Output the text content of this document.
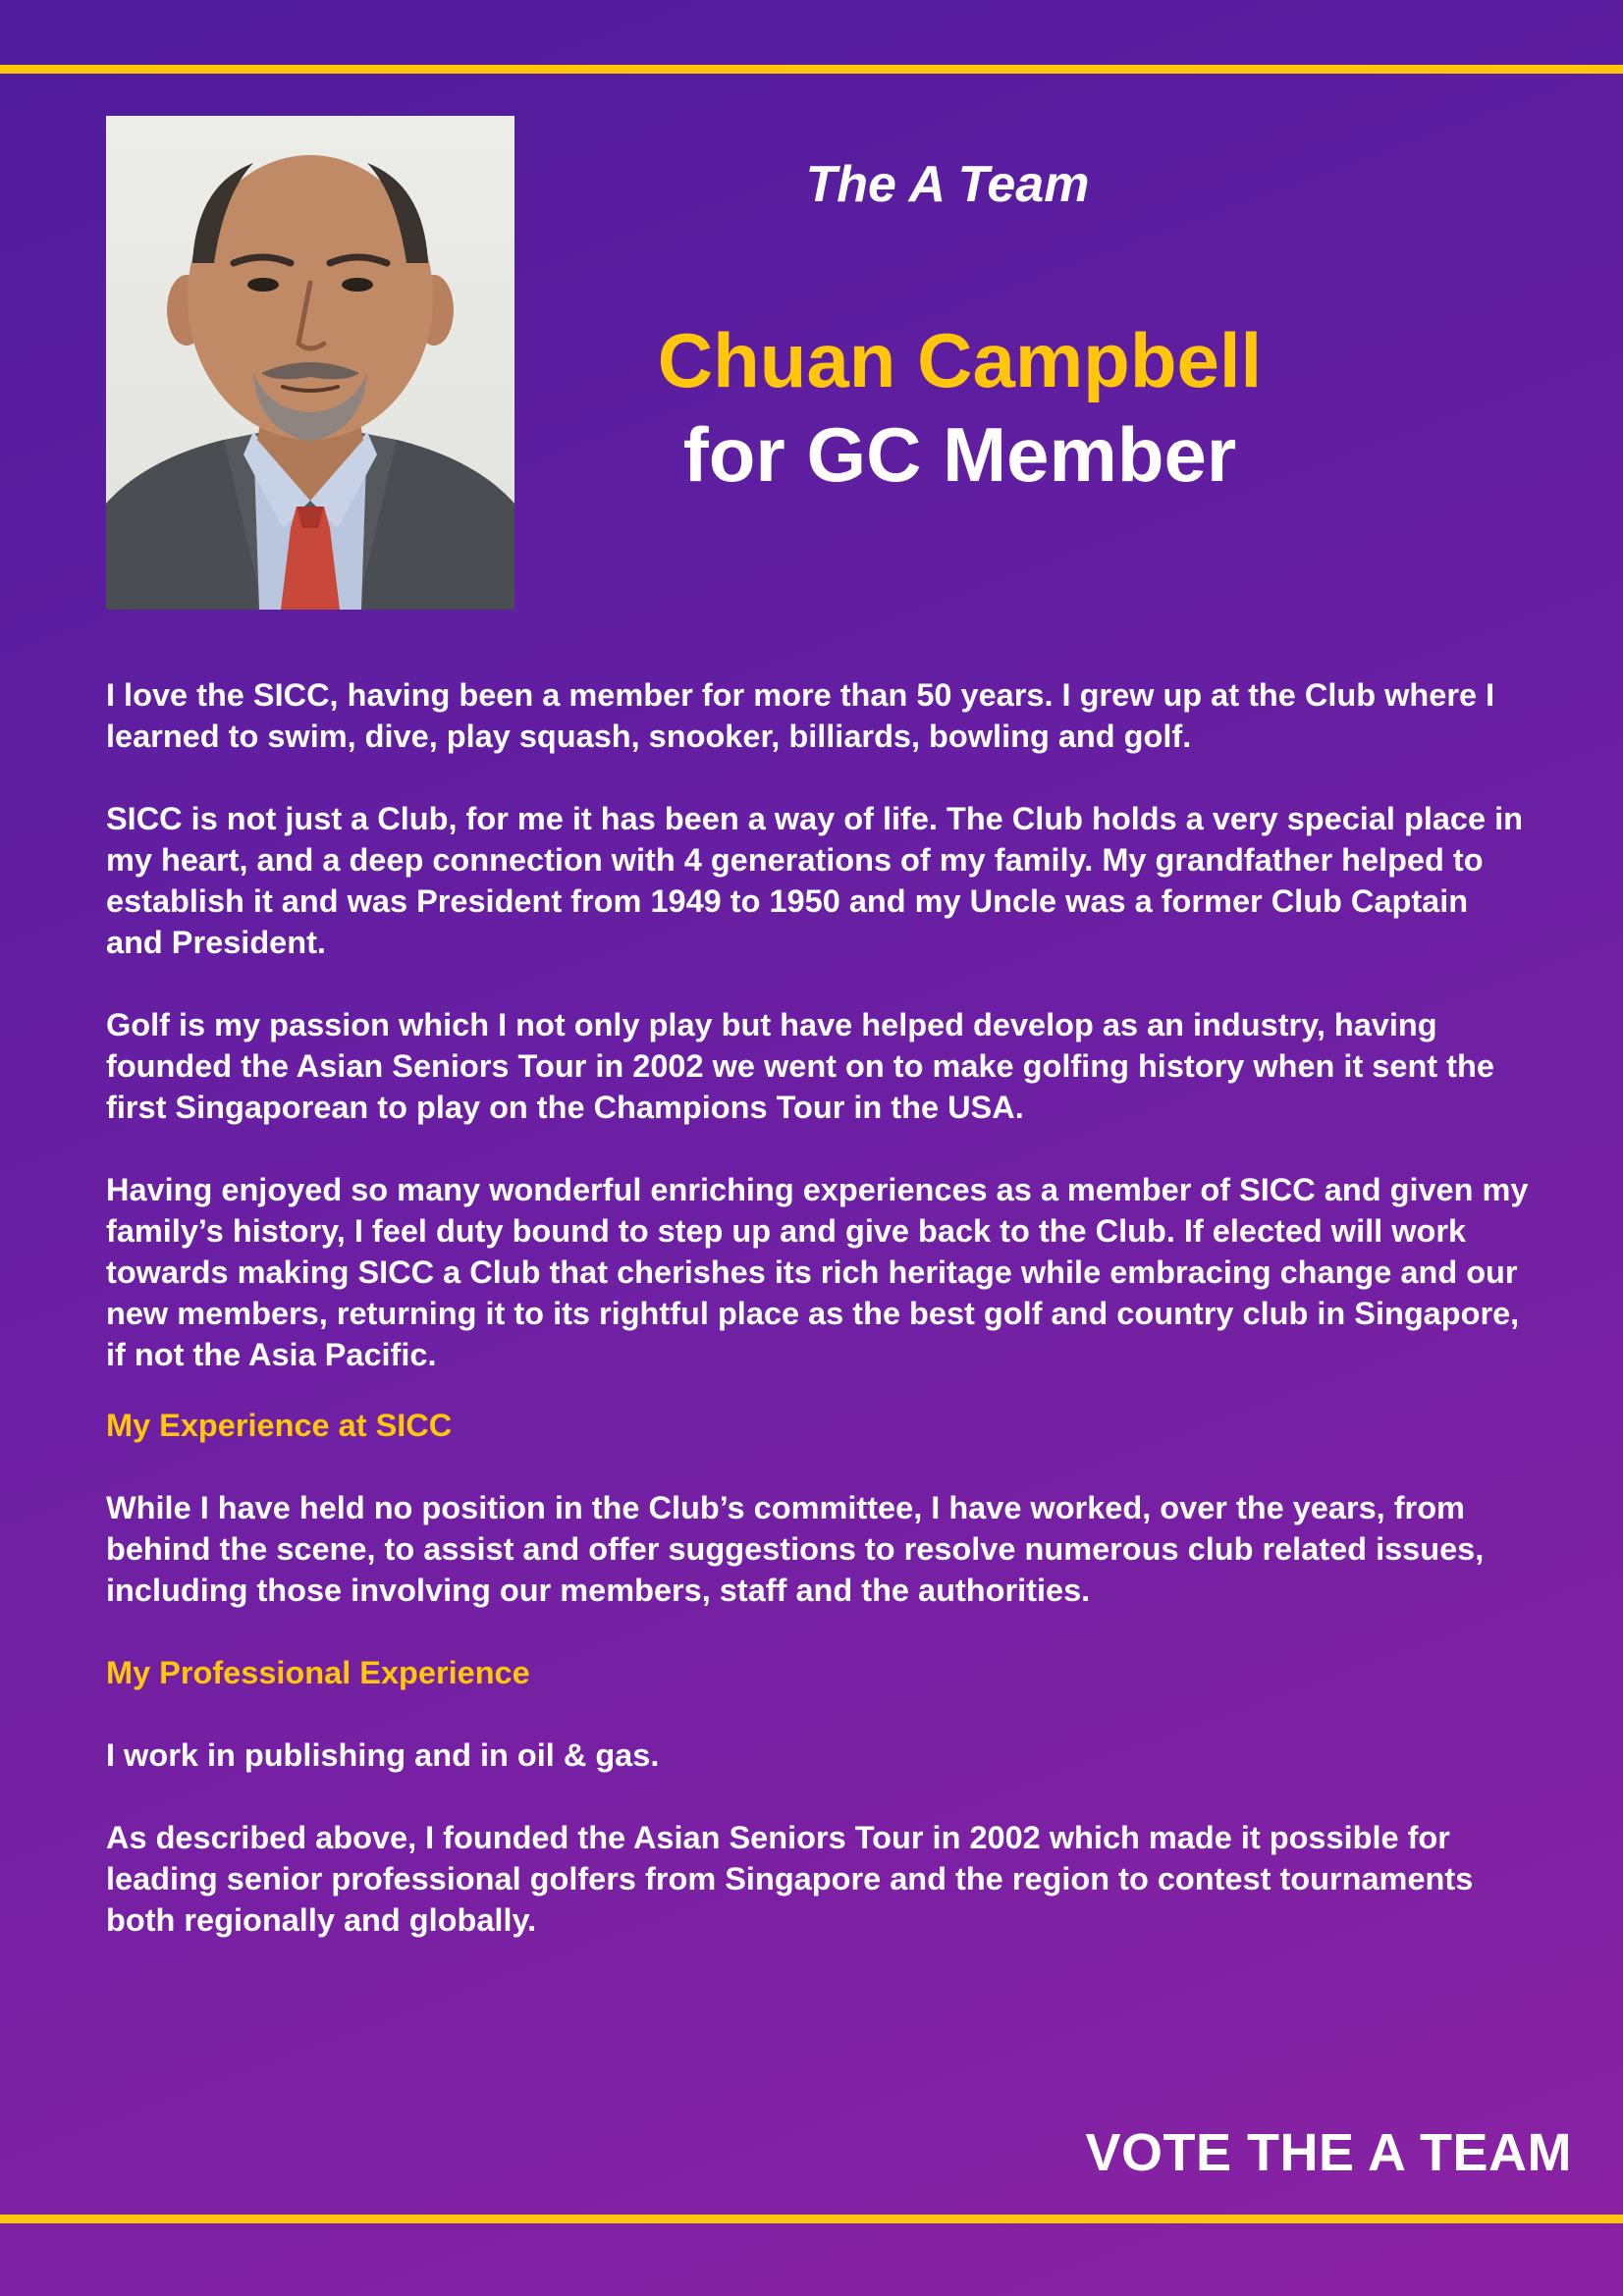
The A Team
Chuan Campbell
for GC Member

I love the SICC, having been a member for more than 50 years. I grew up at the Club where I learned to swim, dive, play squash, snooker, billiards, bowling and golf.

SICC is not just a Club, for me it has been a way of life. The Club holds a very special place in my heart, and a deep connection with 4 generations of my family. My grandfather helped to establish it and was President from 1949 to 1950 and my Uncle was a former Club Captain and President.

Golf is my passion which I not only play but have helped develop as an industry, having founded the Asian Seniors Tour in 2002 we went on to make golfing history when it sent the first Singaporean to play on the Champions Tour in the USA.

Having enjoyed so many wonderful enriching experiences as a member of SICC and given my family’s history, I feel duty bound to step up and give back to the Club. If elected will work towards making SICC a Club that cherishes its rich heritage while embracing change and our new members, returning it to its rightful place as the best golf and country club in Singapore, if not the Asia Pacific.

My Experience at SICC

While I have held no position in the Club’s committee, I have worked, over the years, from behind the scene, to assist and offer suggestions to resolve numerous club related issues, including those involving our members, staff and the authorities.

My Professional Experience

I work in publishing and in oil & gas.

As described above, I founded the Asian Seniors Tour in 2002 which made it possible for leading senior professional golfers from Singapore and the region to contest tournaments both regionally and globally.

VOTE THE A TEAM
